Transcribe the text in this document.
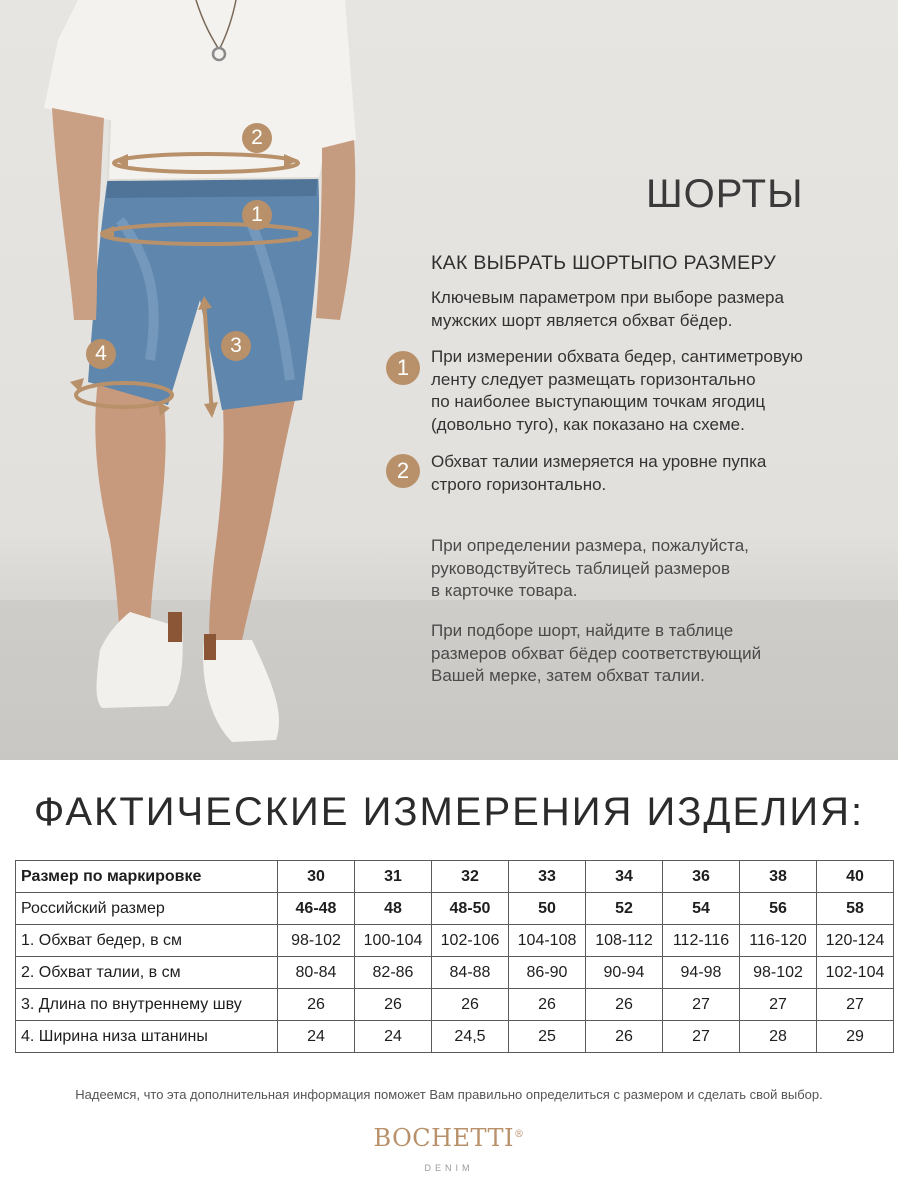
2
1
3
4
ШОРТЫ
КАК ВЫБРАТЬ ШОРТЫПО РАЗМЕРУ
Ключевым параметром при выборе размера
мужских шорт является обхват бёдер.
1	При измерении обхвата бедер, сантиметровую
ленту следует размещать горизонтально
по наиболее выступающим точкам ягодиц
(довольно туго), как показано на схеме.
2	Обхват талии измеряется на уровне пупка
строго горизонтально.
При определении размера, пожалуйста,
руководствуйтесь таблицей размеров
в карточке товара.
При подборе шорт, найдите в таблице
размеров обхват бёдер соответствующий
Вашей мерке, затем обхват талии.
ФАКТИЧЕСКИЕ ИЗМЕРЕНИЯ ИЗДЕЛИЯ:
Размер по маркировке	30	31	32	33	34	36	38	40
Российский размер	46-48	48	48-50	50	52	54	56	58
1. Обхват бедер, в см	98-102	100-104	102-106	104-108	108-112	112-116	116-120	120-124
2. Обхват талии, в см	80-84	82-86	84-88	86-90	90-94	94-98	98-102	102-104
3. Длина по внутреннему шву	26	26	26	26	26	27	27	27
4. Ширина низа штанины	24	24	24,5	25	26	27	28	29
Надеемся, что эта дополнительная информация поможет Вам правильно определиться с размером и сделать свой выбор.
BOCHETTI®
DENIM
